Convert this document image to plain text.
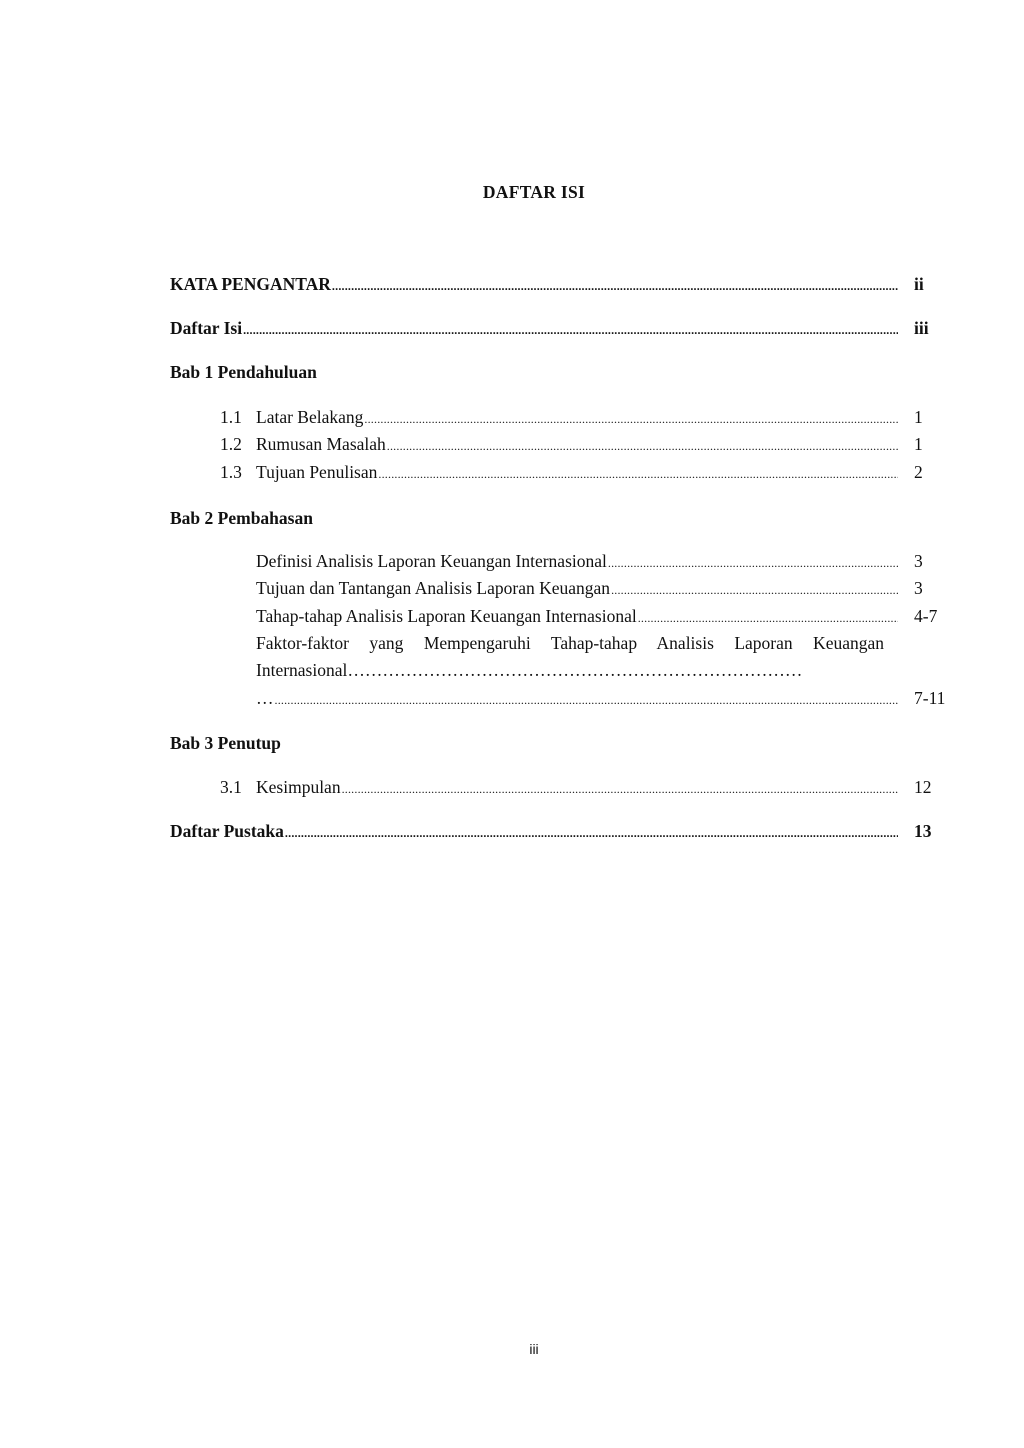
DAFTAR ISI
KATA PENGANTAR .....	ii
Daftar Isi .....	iii
Bab 1 Pendahuluan
1.1 Latar Belakang .....	1
1.2 Rumusan Masalah .....	1
1.3 Tujuan Penulisan .....	2
Bab 2 Pembahasan
Definisi Analisis Laporan Keuangan Internasional .....	3
Tujuan dan Tantangan Analisis Laporan Keuangan .....	3
Tahap-tahap Analisis Laporan Keuangan Internasional .....	4-7
Faktor-faktor yang Mempengaruhi Tahap-tahap Analisis Laporan Keuangan
Internasional……………………………………………………………………
… .....	7-11
Bab 3 Penutup
3.1 Kesimpulan .....	12
Daftar Pustaka .....	13
iii
